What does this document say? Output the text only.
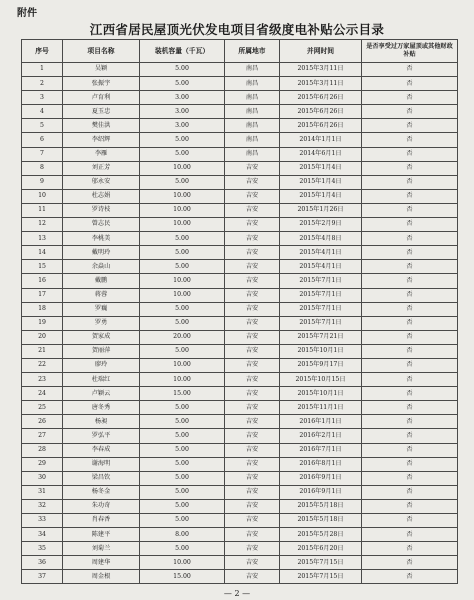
附件
江西省居民屋顶光伏发电项目省级度电补贴公示目录
序号	项目名称	装机容量（千瓦）	所属地市	并网时间	是否享受过万家屋顶或其他财政补贴
1	吴颖	5.00	南昌	2015年3月11日	否
2	张振宇	5.00	南昌	2015年3月11日	否
3	卢育利	3.00	南昌	2015年6月26日	否
4	夏玉忠	3.00	南昌	2015年6月26日	否
5	樊佳洪	3.00	南昌	2015年6月26日	否
6	李绍辉	5.00	南昌	2014年1月1日	否
7	李雁	5.00	南昌	2014年6月1日	否
8	刘正芳	10.00	吉安	2015年1月4日	否
9	邬永安	5.00	吉安	2015年1月4日	否
10	杜志娟	10.00	吉安	2015年1月4日	否
11	罗诗枝	10.00	吉安	2015年1月26日	否
12	曾志民	10.00	吉安	2015年2月9日	否
13	李桃美	5.00	吉安	2015年4月8日	否
14	戴明玲	5.00	吉安	2015年4月1日	否
15	余焱山	5.00	吉安	2015年4月1日	否
16	戴鹏	10.00	吉安	2015年7月1日	否
17	蒋蓉	10.00	吉安	2015年7月1日	否
18	罗巍	5.00	吉安	2015年7月1日	否
19	罗勇	5.00	吉安	2015年7月1日	否
20	贺家成	20.00	吉安	2015年7月21日	否
21	贺丽萍	5.00	吉安	2015年10月1日	否
22	廖玲	10.00	吉安	2015年9月17日	否
23	杜瑞红	10.00	吉安	2015年10月15日	否
24	卢颖云	15.00	吉安	2015年10月1日	否
25	唐冬秀	5.00	吉安	2015年11月1日	否
26	杨昶	5.00	吉安	2016年1月1日	否
27	罗弘平	5.00	吉安	2016年2月1日	否
28	李春成	5.00	吉安	2016年7月1日	否
29	谢海明	5.00	吉安	2016年8月1日	否
30	梁昌钦	5.00	吉安	2016年9月1日	否
31	杨冬金	5.00	吉安	2016年9月1日	否
32	朱功奇	5.00	吉安	2015年5月18日	否
33	肖春香	5.00	吉安	2015年5月18日	否
34	陈建平	8.00	吉安	2015年5月28日	否
35	刘菊兰	5.00	吉安	2015年6月20日	否
36	周建华	10.00	吉安	2015年7月15日	否
37	周金根	15.00	吉安	2015年7月15日	否
— 2 —
